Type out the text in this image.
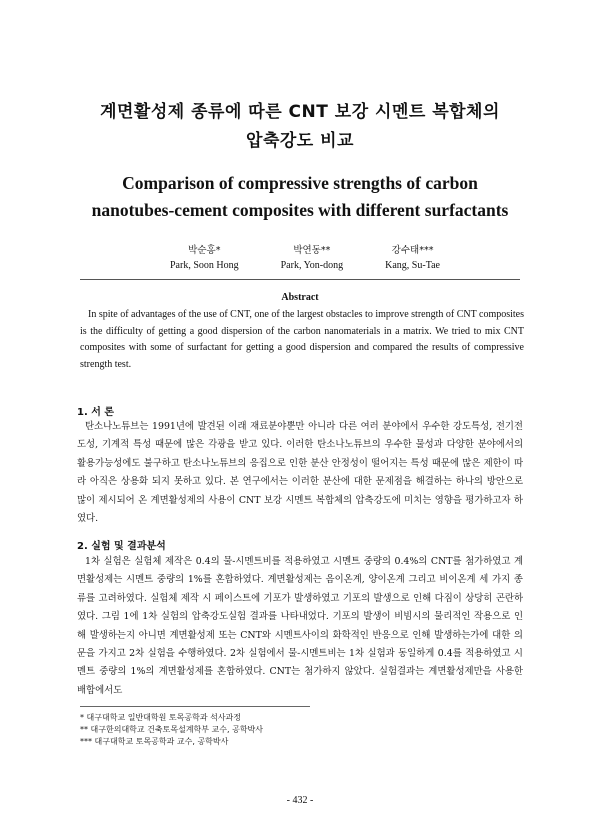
계면활성제 종류에 따른 CNT 보강 시멘트 복합체의
압축강도 비교
Comparison of compressive strengths of carbon
nanotubes-cement composites with different surfactants
박순홍*
Park, Soon Hong
박연동**
Park, Yon-dong
강수태***
Kang, Su-Tae
Abstract
In spite of advantages of the use of CNT, one of the largest obstacles to improve strength of CNT composites is the difficulty of getting a good dispersion of the carbon nanomaterials in a matrix. We tried to mix CNT composites with some of surfactant for getting a good dispersion and compared the results of compressive strength test.
1. 서 론
탄소나노튜브는 1991년에 발견된 이래 재료분야뿐만 아니라 다른 여러 분야에서 우수한 강도특성, 전기전도성, 기계적 특성 때문에 많은 각광을 받고 있다. 이러한 탄소나노튜브의 우수한 물성과 다양한 분야에서의 활용가능성에도 불구하고 탄소나노튜브의 응집으로 인한 분산 안정성이 떨어지는 특성 때문에 많은 제한이 따라 아직은 상용화 되지 못하고 있다. 본 연구에서는 이러한 분산에 대한 문제점을 해결하는 하나의 방안으로 많이 제시되어 온 계면활성제의 사용이 CNT 보강 시멘트 복합체의 압축강도에 미치는 영향을 평가하고자 하였다.
2. 실험 및 결과분석
1차 실험은 실험체 제작은 0.4의 물-시멘트비를 적용하였고 시멘트 중량의 0.4%의 CNT를 첨가하였고 계면활성제는 시멘트 중량의 1%를 혼합하였다. 계면활성제는 음이온계, 양이온계 그리고 비이온계 세 가지 종류를 고려하였다. 실험체 제작 시 페이스트에 기포가 발생하였고 기포의 발생으로 인해 다짐이 상당히 곤란하였다. 그림 1에 1차 실험의 압축강도실험 결과를 나타내었다. 기포의 발생이 비빔시의 물리적인 작용으로 인해 발생하는지 아니면 계면활성제 또는 CNT와 시멘트사이의 화학적인 반응으로 인해 발생하는가에 대한 의문을 가지고 2차 실험을 수행하였다. 2차 실험에서 물-시멘트비는 1차 실험과 동일하게 0.4를 적용하였고 시멘트 중량의 1%의 계면활성제를 혼합하였다. CNT는 첨가하지 않았다. 실험결과는 계면활성제만을 사용한 배합에서도
* 대구대학교 일반대학원 토목공학과 석사과정
** 대구한의대학교 건축토목설계학부 교수, 공학박사
*** 대구대학교 토목공학과 교수, 공학박사
- 432 -
